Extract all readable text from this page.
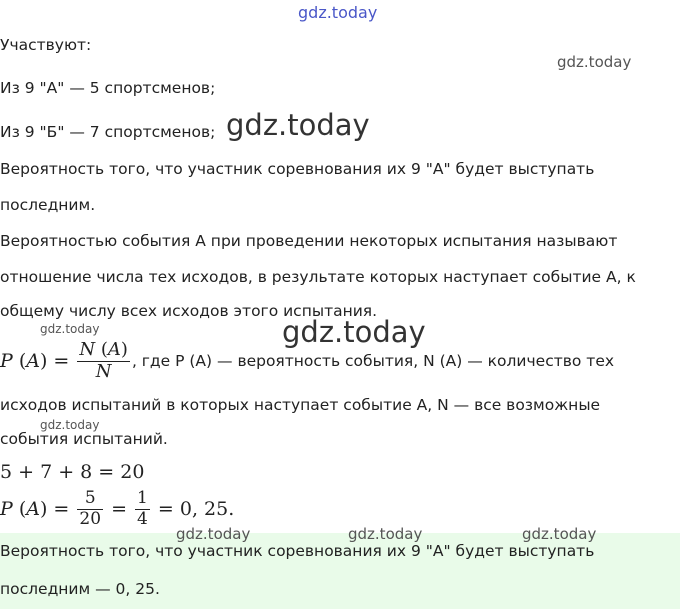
gdz.today
gdz.today
gdz.today
gdz.today	gdz.today
gdz.today
gdz.today	gdz.today	gdz.today
Участвуют:
Из 9 "А" — 5 спортсменов;
Из 9 "Б" — 7 спортсменов;
Вероятность того, что участник соревнования их 9 "А" будет выступать
последним.
Вероятностью события A при проведении некоторых испытания называют
отношение числа тех исходов, в результате которых наступает событие A, к
общему числу всех исходов этого испытания.
P ( A ) = $\frac{N (A)}{N}$ , где P (A) — вероятность события, N (A) — количество тех
исходов испытаний в которых наступает событие A, N — все возможные
события испытаний.
5 + 7 + 8 = 20
P ( A ) = $\frac{5}{20} = \frac{1}{4}$
= 0, 25.
Вероятность того, что участник соревнования их 9 "А" будет выступать
последним — 0, 25.
